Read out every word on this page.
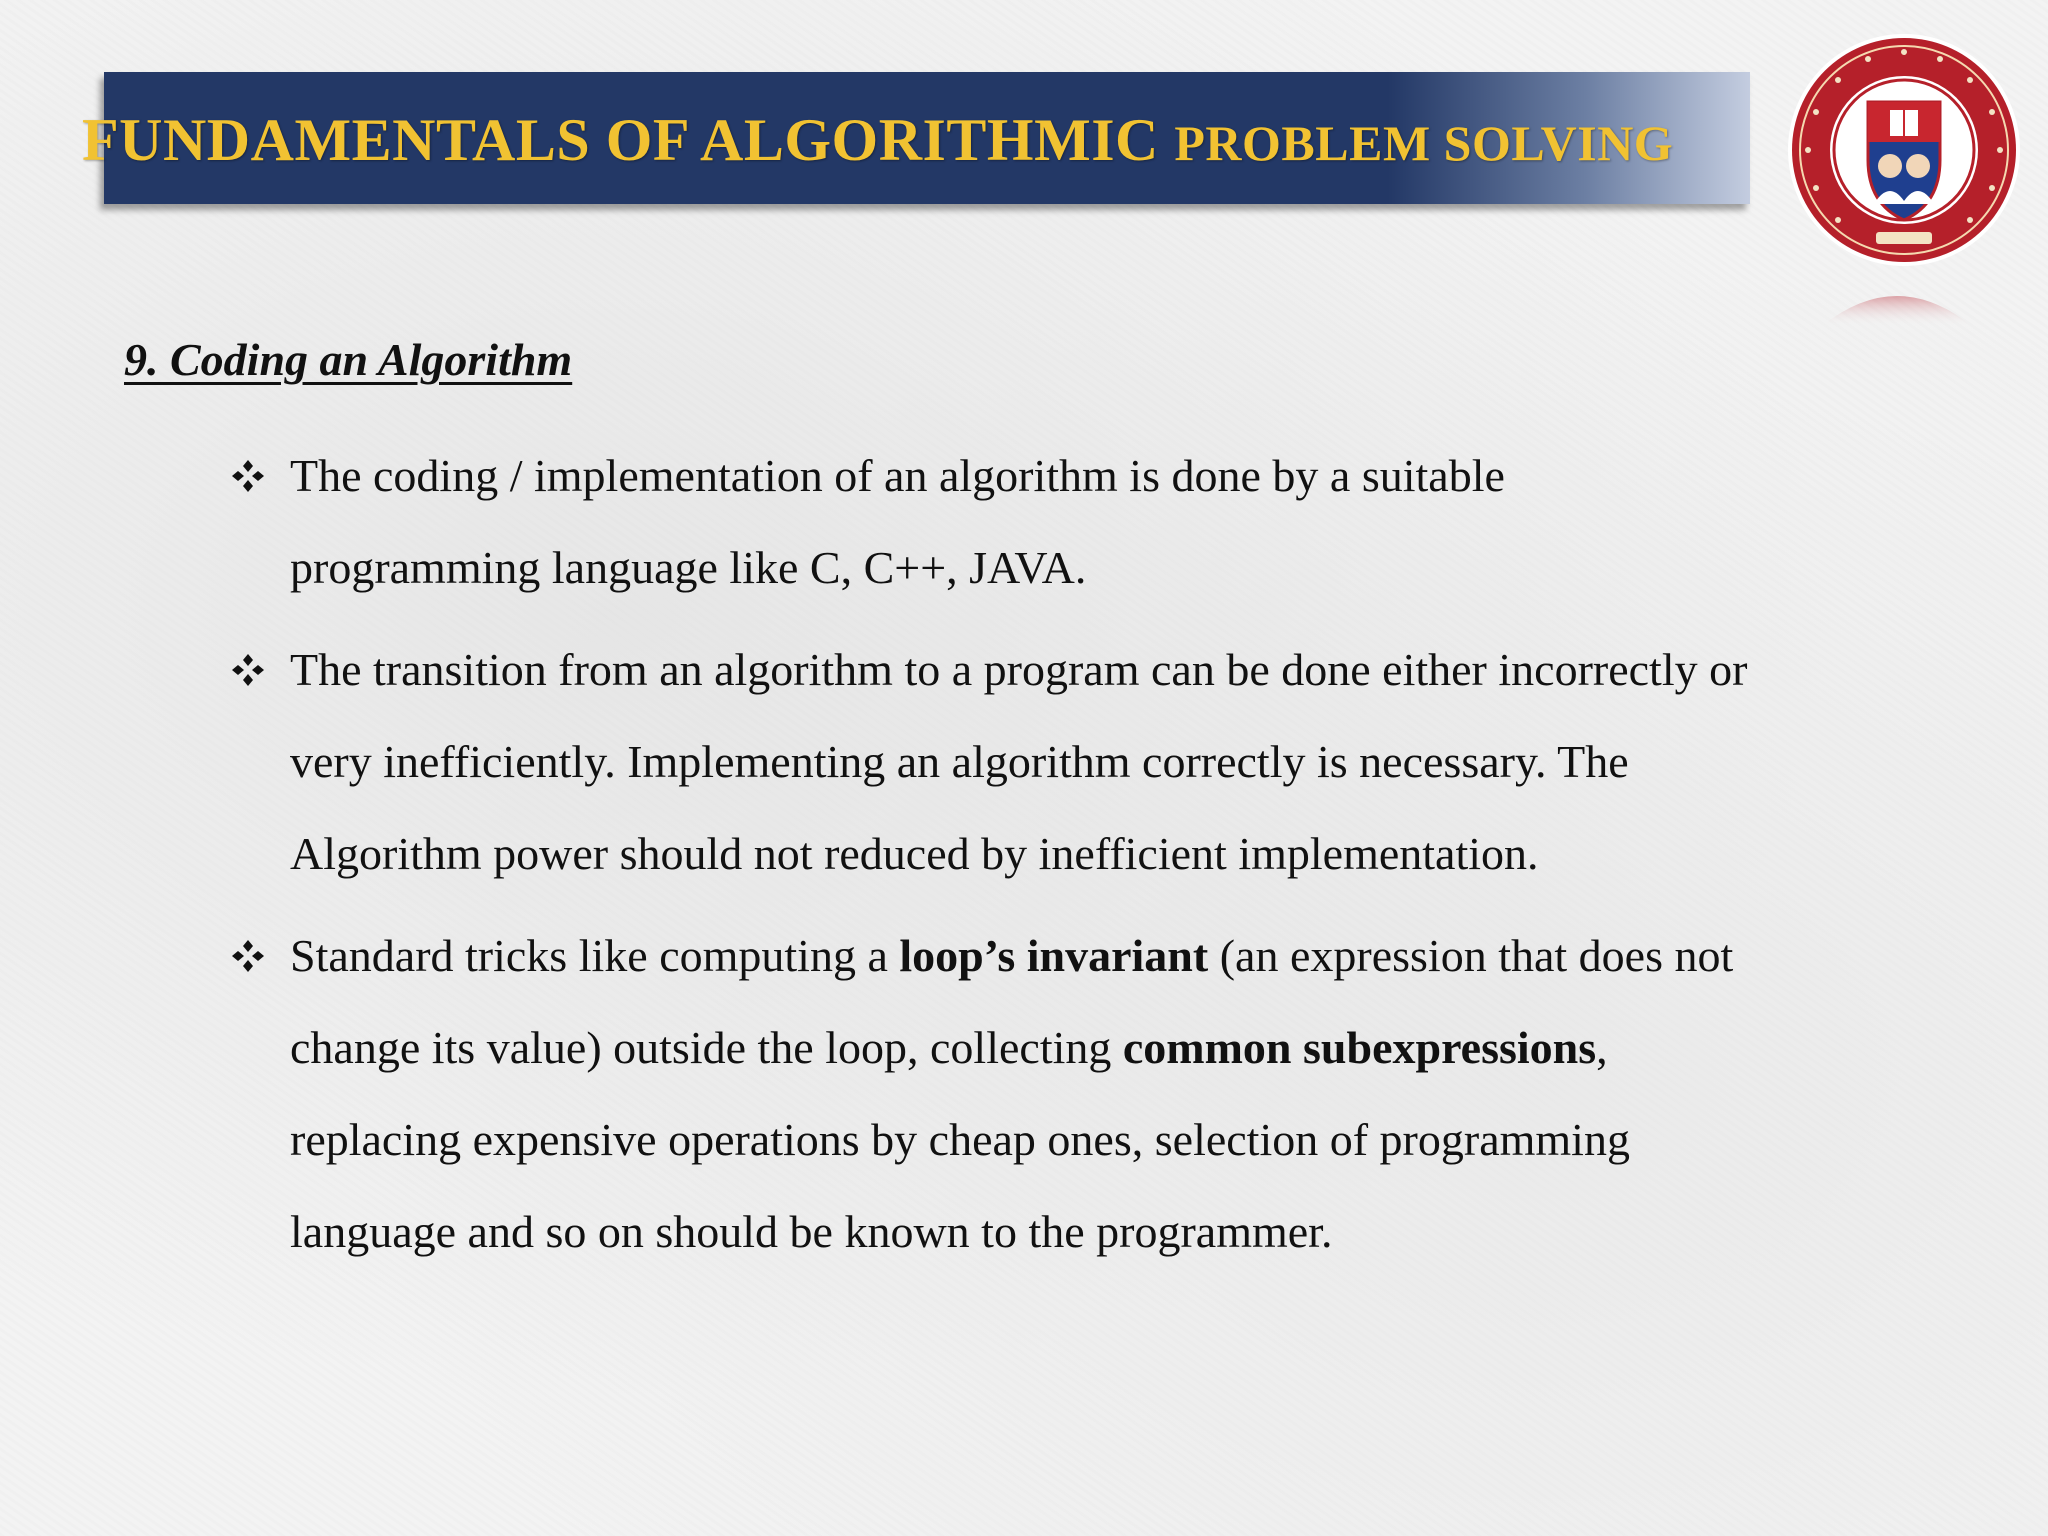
FUNDAMENTALS OF ALGORITHMIC PROBLEM SOLVING
9. Coding an Algorithm
The coding / implementation of an algorithm is done by a suitable
programming language like C, C++, JAVA.
The transition from an algorithm to a program can be done either incorrectly or
very inefficiently. Implementing an algorithm correctly is necessary. The
Algorithm power should not reduced by inefficient implementation.
Standard tricks like computing a loop’s invariant (an expression that does not
change its value) outside the loop, collecting common subexpressions,
replacing expensive operations by cheap ones, selection of programming
language and so on should be known to the programmer.
